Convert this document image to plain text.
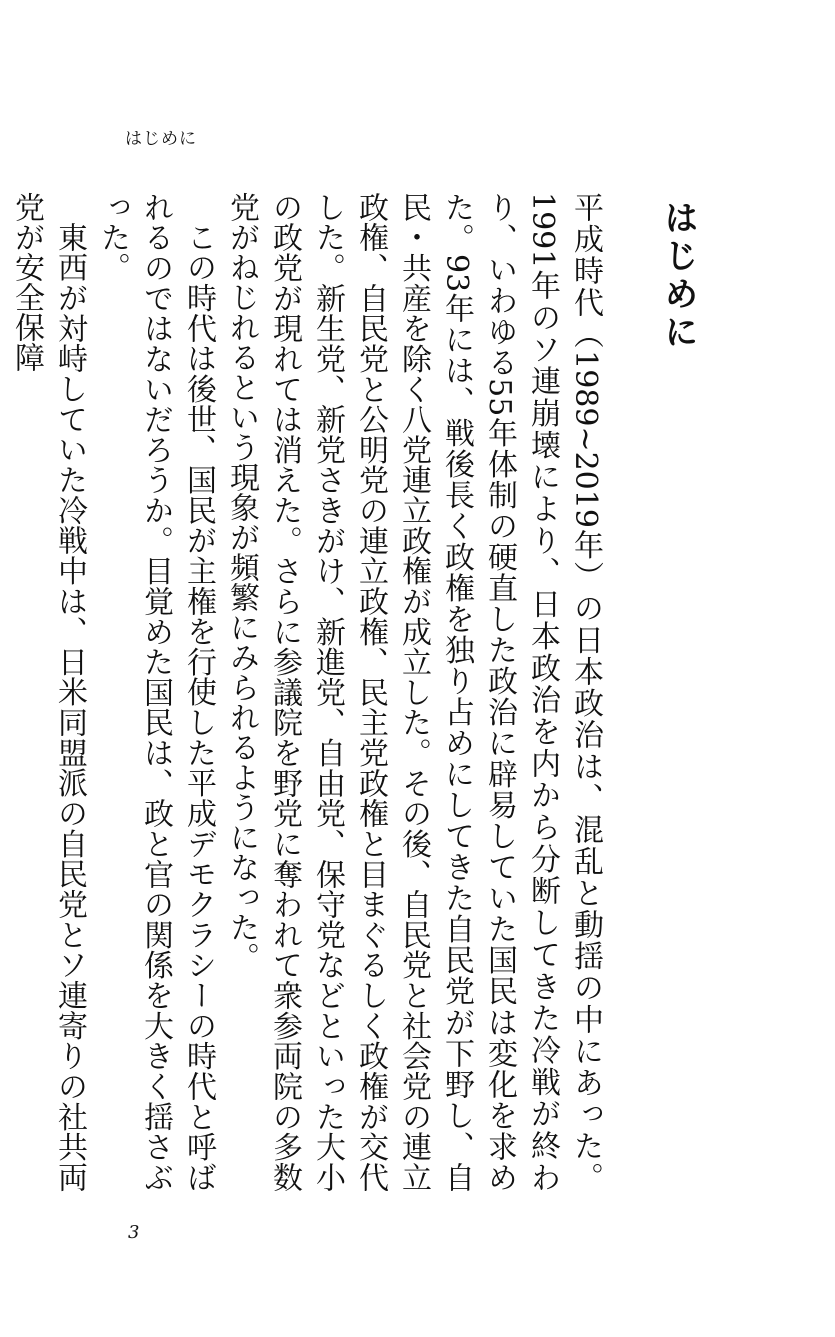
はじめに
はじめに

平成時代（1989~2019年）の日本政治は、混乱と動揺の中にあった。1991年のソ連崩壊により、日本政治を内から分断してきた冷戦が終わり、いわゆる55年体制の硬直した政治に辟易していた国民は変化を求めた。93年には、戦後長く政権を独り占めにしてきた自民党が下野し、自民・共産を除く八党連立政権が成立した。その後、自民党と社会党の連立政権、自民党と公明党の連立政権、民主党政権と目まぐるしく政権が交代した。新生党、新党さきがけ、新進党、自由党、保守党などといった大小の政党が現れては消えた。さらに参議院を野党に奪われて衆参両院の多数党がねじれるという現象が頻繁にみられるようになった。

この時代は後世、国民が主権を行使した平成デモクラシーの時代と呼ばれるのではないだろうか。目覚めた国民は、政と官の関係を大きく揺さぶった。

東西が対峙していた冷戦中は、日米同盟派の自民党とソ連寄りの社共両党が安全保障

3
